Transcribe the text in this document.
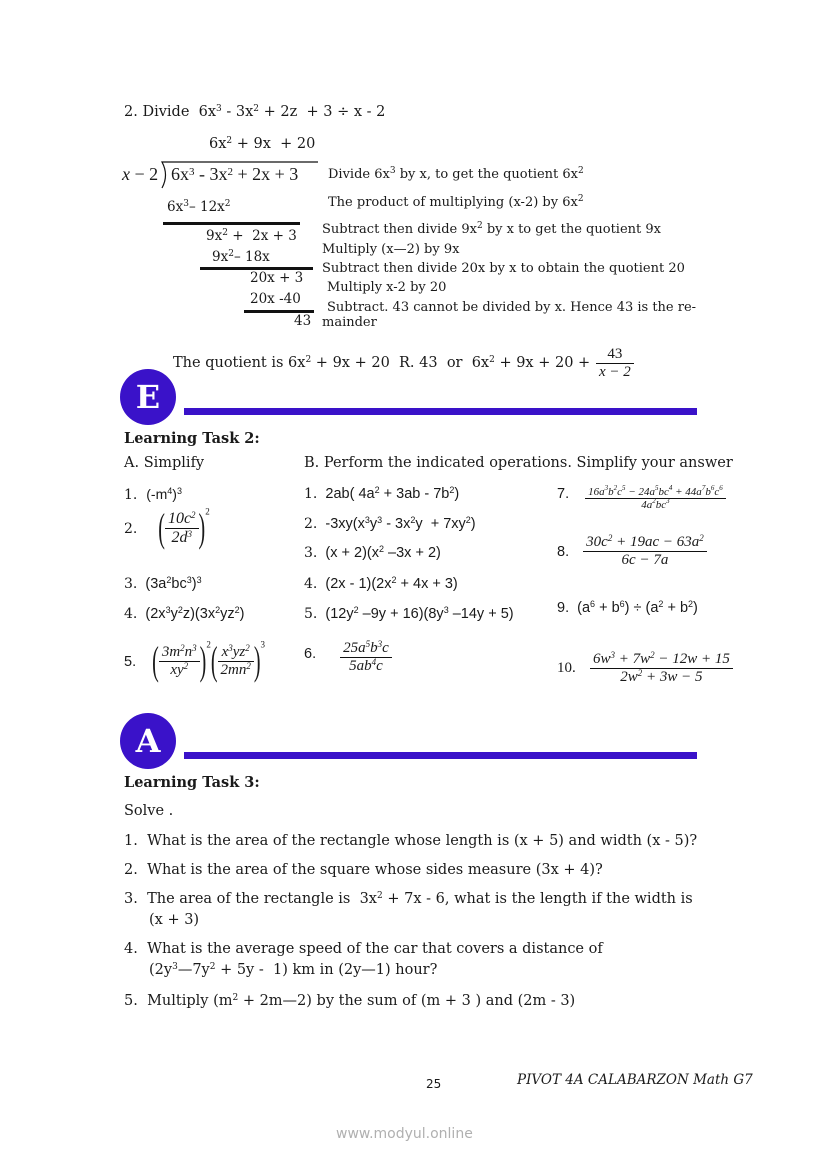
2. Divide $6x^3 - 3x^2 + 2z + 3 \div x - 2$
$6x^2 + 9x + 20$
x − 2 $6x^3 - 3x^2 + 2x + 3$
$6x^3-$ $12x^2$
$9x^2 + 2x + 3$
$9x^2-$ 18x
20x + 3
20x -40
43
Divide $6x^3$ by x, to get the quotient $6x^2$
The product of multiplying (x-2) by $6x^2$
Subtract then divide $9x^2$ by x to get the quotient 9x
Multiply (x—2) by 9x
Subtract then divide 20x by x to obtain the quotient 20
Multiply x-2 by 20
Subtract. 43 cannot be divided by x. Hence 43 is the re-
mainder
The quotient is $6x^2 + 9x + 20$  R. 43  or  $6x^2 + 9x + 20 + \frac{43}{x - 2}$
E
Learning Task 2:
A. Simplify	B. Perform the indicated operations. Simplify your answer
1. $(-m^4)^3$
2. ( $\frac{10c^2}{2d^3} )^2$
3.  $(3a^2bc^3)^3$
4.  $(2x^3y^2z)(3x^2yz^2)$
5. ( $\frac{3m^2n^3}{xy^2} )^2( \frac{x^3yz^2}{2mn^2} )^3$
1.  2ab( $4a^2 + 3ab - 7b^2$)
2.  $-3xy(x^3y^3 - 3x^2y + 7xy^2)$
3.  $(x + 2)(x^2$ –3x + 2)
4.  $(2x - 1)(2x^2 + 4x + 3)$
5.  ($12y^2$ $-9y + 16)(8y^3$ –14y + 5)
6. $\frac{25a^5b^3c}{5ab^4c}$
7. $\frac{16a^3b^2c^5 - 24a^5bc^4 + 44a^7b^6c^6}{4a^2bc^3}$
8. $\frac{30c^2 + 19ac - 63a^2}{6c - 7a}$
9.  $(a^6 + b^6) \div (a^2 + b^2)$
10. $\frac{6w^3 + 7w^2 - 12w + 15}{2w^2 + 3w - 5}$
A
Learning Task 3:
Solve .
1. What is the area of the rectangle whose length is (x + 5) and width (x - 5)?
2. What is the area of the square whose sides measure (3x + 4)?
3. The area of the rectangle is  $3x^2 + 7x - 6$, what is the length if the width is
(x + 3)
4. What is the average speed of the car that covers a distance of
$(2y^3—7y^2 + 5y - 1)$ km in (2y—1) hour?
5. Multiply ($m^2$ + 2m—2) by the sum of (m + 3 ) and (2m - 3)
25	PIVOT 4A CALABARZON Math G7
www.modyul.online
